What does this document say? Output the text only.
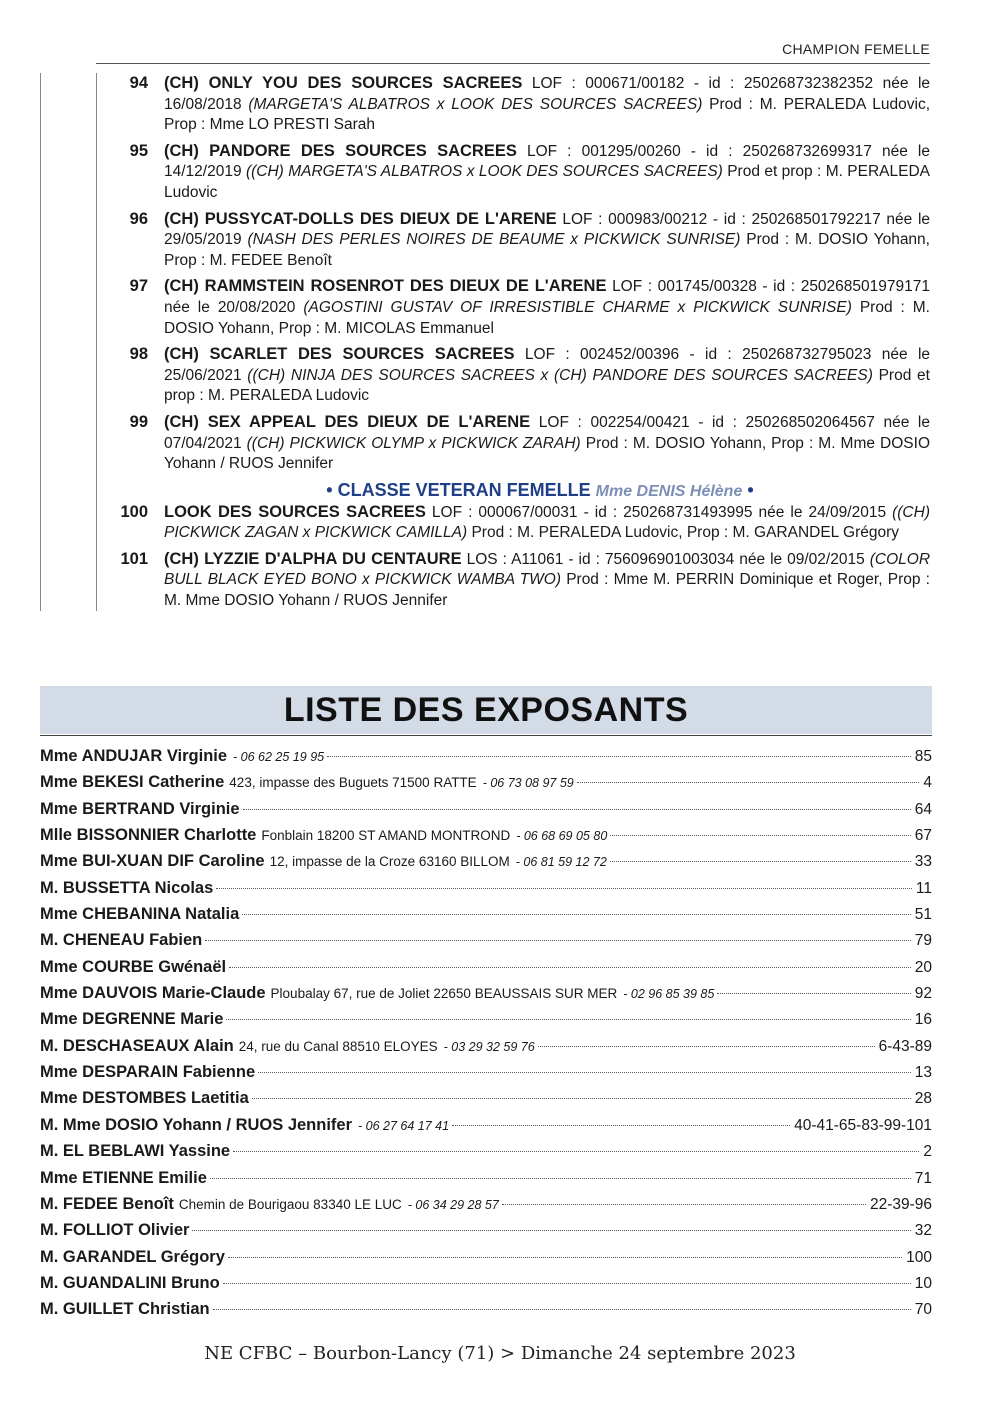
CHAMPION FEMELLE
94 (CH) ONLY YOU DES SOURCES SACREES LOF : 000671/00182 - id : 250268732382352 née le 16/08/2018 (MARGETA'S ALBATROS x LOOK DES SOURCES SACREES) Prod : M. PERALEDA Ludovic, Prop : Mme LO PRESTI Sarah
95 (CH) PANDORE DES SOURCES SACREES LOF : 001295/00260 - id : 250268732699317 née le 14/12/2019 ((CH) MARGETA'S ALBATROS x LOOK DES SOURCES SACREES) Prod et prop : M. PERALEDA Ludovic
96 (CH) PUSSYCAT-DOLLS DES DIEUX DE L'ARENE LOF : 000983/00212 - id : 250268501792217 née le 29/05/2019 (NASH DES PERLES NOIRES DE BEAUME x PICKWICK SUNRISE) Prod : M. DOSIO Yohann, Prop : M. FEDEE Benoît
97 (CH) RAMMSTEIN ROSENROT DES DIEUX DE L'ARENE LOF : 001745/00328 - id : 250268501979171 née le 20/08/2020 (AGOSTINI GUSTAV OF IRRESISTIBLE CHARME x PICKWICK SUNRISE) Prod : M. DOSIO Yohann, Prop : M. MICOLAS Emmanuel
98 (CH) SCARLET DES SOURCES SACREES LOF : 002452/00396 - id : 250268732795023 née le 25/06/2021 ((CH) NINJA DES SOURCES SACREES x (CH) PANDORE DES SOURCES SACREES) Prod et prop : M. PERALEDA Ludovic
99 (CH) SEX APPEAL DES DIEUX DE L'ARENE LOF : 002254/00421 - id : 250268502064567 née le 07/04/2021 ((CH) PICKWICK OLYMP x PICKWICK ZARAH) Prod : M. DOSIO Yohann, Prop : M. Mme DOSIO Yohann / RUOS Jennifer
• CLASSE VETERAN FEMELLE Mme DENIS Hélène •
100 LOOK DES SOURCES SACREES LOF : 000067/00031 - id : 250268731493995 née le 24/09/2015 ((CH) PICKWICK ZAGAN x PICKWICK CAMILLA) Prod : M. PERALEDA Ludovic, Prop : M. GARANDEL Grégory
101 (CH) LYZZIE D'ALPHA DU CENTAURE LOS : A11061 - id : 756096901003034 née le 09/02/2015 (COLOR BULL BLACK EYED BONO x PICKWICK WAMBA TWO) Prod : Mme M. PERRIN Dominique et Roger, Prop : M. Mme DOSIO Yohann / RUOS Jennifer
LISTE DES EXPOSANTS
Mme ANDUJAR Virginie - 06 62 25 19 95	85
Mme BEKESI Catherine 423, impasse des Buguets 71500 RATTE - 06 73 08 97 59	4
Mme BERTRAND Virginie	64
Mlle BISSONNIER Charlotte Fonblain 18200 ST AMAND MONTROND - 06 68 69 05 80	67
Mme BUI-XUAN DIF Caroline 12, impasse de la Croze 63160 BILLOM - 06 81 59 12 72	33
M. BUSSETTA Nicolas	11
Mme CHEBANINA Natalia	51
M. CHENEAU Fabien	79
Mme COURBE Gwénaël	20
Mme DAUVOIS Marie-Claude Ploubalay 67, rue de Joliet 22650 BEAUSSAIS SUR MER - 02 96 85 39 85	92
Mme DEGRENNE Marie	16
M. DESCHASEAUX Alain 24, rue du Canal 88510 ELOYES - 03 29 32 59 76	6-43-89
Mme DESPARAIN Fabienne	13
Mme DESTOMBES Laetitia	28
M. Mme DOSIO Yohann / RUOS Jennifer - 06 27 64 17 41	40-41-65-83-99-101
M. EL BEBLAWI Yassine	2
Mme ETIENNE Emilie	71
M. FEDEE Benoît Chemin de Bourigaou 83340 LE LUC - 06 34 29 28 57	22-39-96
M. FOLLIOT Olivier	32
M. GARANDEL Grégory	100
M. GUANDALINI Bruno	10
M. GUILLET Christian	70
NE CFBC – Bourbon-Lancy (71) > Dimanche 24 septembre 2023
